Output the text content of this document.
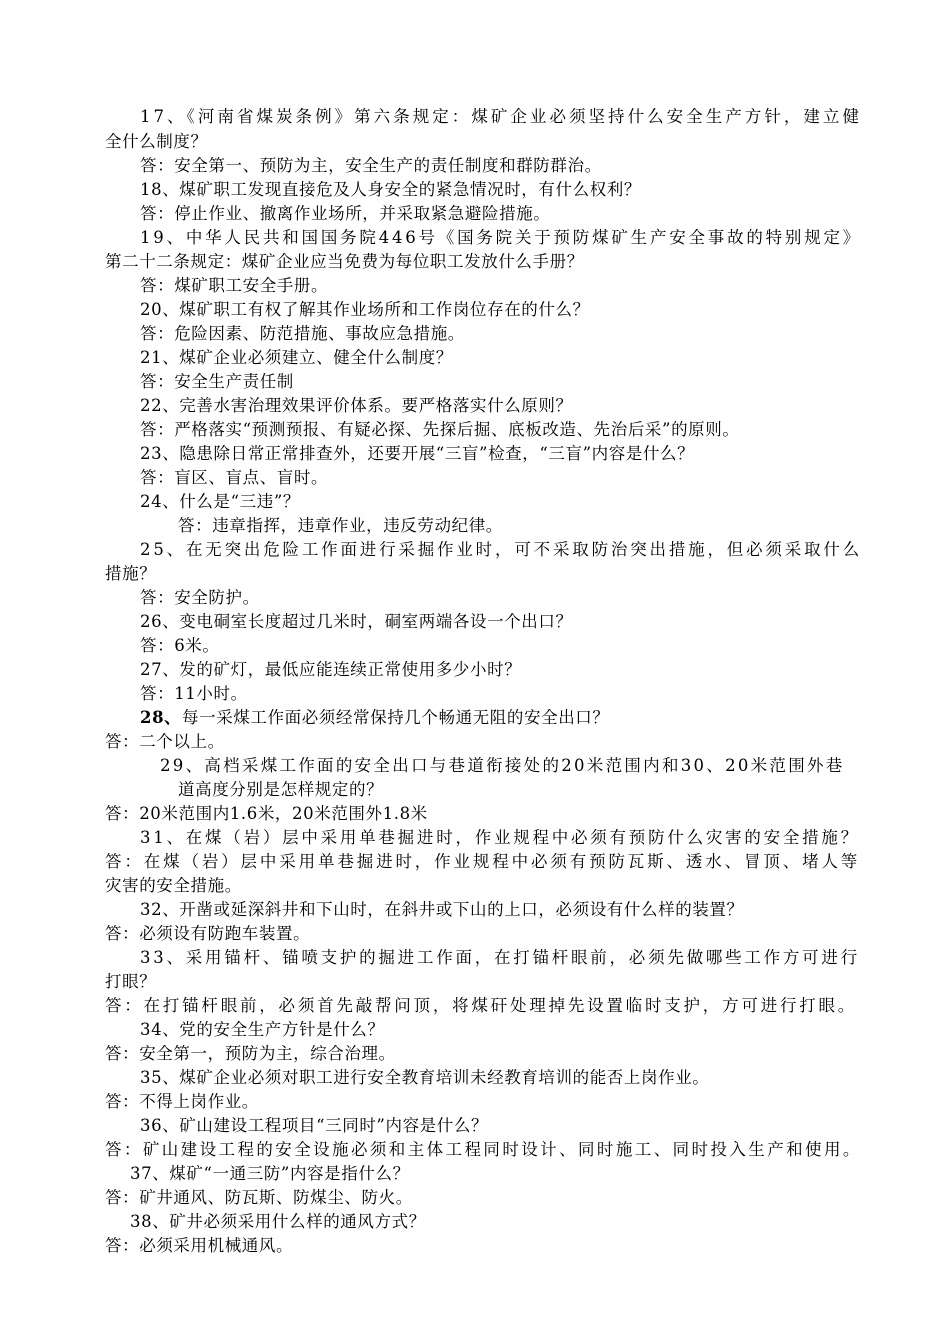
17、《河南省煤炭条例》第六条规定：煤矿企业必须坚持什么安全生产方针，建立健
全什么制度？
答：安全第一、预防为主，安全生产的责任制度和群防群治。
18、煤矿职工发现直接危及人身安全的紧急情况时，有什么权利？
答：停止作业、撤离作业场所，并采取紧急避险措施。
19、中华人民共和国国务院446号《国务院关于预防煤矿生产安全事故的特别规定》
第二十二条规定：煤矿企业应当免费为每位职工发放什么手册？
答：煤矿职工安全手册。
20、煤矿职工有权了解其作业场所和工作岗位存在的什么？
答：危险因素、防范措施、事故应急措施。
21、煤矿企业必须建立、健全什么制度？
答：安全生产责任制
22、完善水害治理效果评价体系。要严格落实什么原则？
答：严格落实“预测预报、有疑必探、先探后掘、底板改造、先治后采”的原则。
23、隐患除日常正常排查外，还要开展“三盲”检查，“三盲”内容是什么？
答：盲区、盲点、盲时。
24、什么是“三违”？
答：违章指挥，违章作业，违反劳动纪律。
25、在无突出危险工作面进行采掘作业时，可不采取防治突出措施，但必须采取什么
措施？
答：安全防护。
26、变电硐室长度超过几米时，硐室两端各设一个出口？
答：6米。
27、发的矿灯，最低应能连续正常使用多少小时？
答：11小时。
28、 每一采煤工作面必须经常保持几个畅通无阻的安全出口？
答：二个以上。
29、高档采煤工作面的安全出口与巷道衔接处的20米范围内和30、20米范围外巷
道高度分别是怎样规定的？
答：20米范围内1.6米，20米范围外1.8米
31、在煤（岩）层中采用单巷掘进时，作业规程中必须有预防什么灾害的安全措施？
答：在煤（岩）层中采用单巷掘进时，作业规程中必须有预防瓦斯、透水、冒顶、堵人等
灾害的安全措施。
32、开凿或延深斜井和下山时，在斜井或下山的上口，必须设有什么样的装置？
答：必须设有防跑车装置。
33、采用锚杆、锚喷支护的掘进工作面，在打锚杆眼前，必须先做哪些工作方可进行
打眼？
答：在打锚杆眼前，必须首先敲帮问顶，将煤矸处理掉先设置临时支护，方可进行打眼。
34、党的安全生产方针是什么？
答：安全第一，预防为主，综合治理。
35、煤矿企业必须对职工进行安全教育培训未经教育培训的能否上岗作业。
答：不得上岗作业。
36、矿山建设工程项目“三同时”内容是什么？
答：矿山建设工程的安全设施必须和主体工程同时设计、同时施工、同时投入生产和使用。
37、煤矿“一通三防”内容是指什么？
答：矿井通风、防瓦斯、防煤尘、防火。
38、矿井必须采用什么样的通风方式？
答：必须采用机械通风。
